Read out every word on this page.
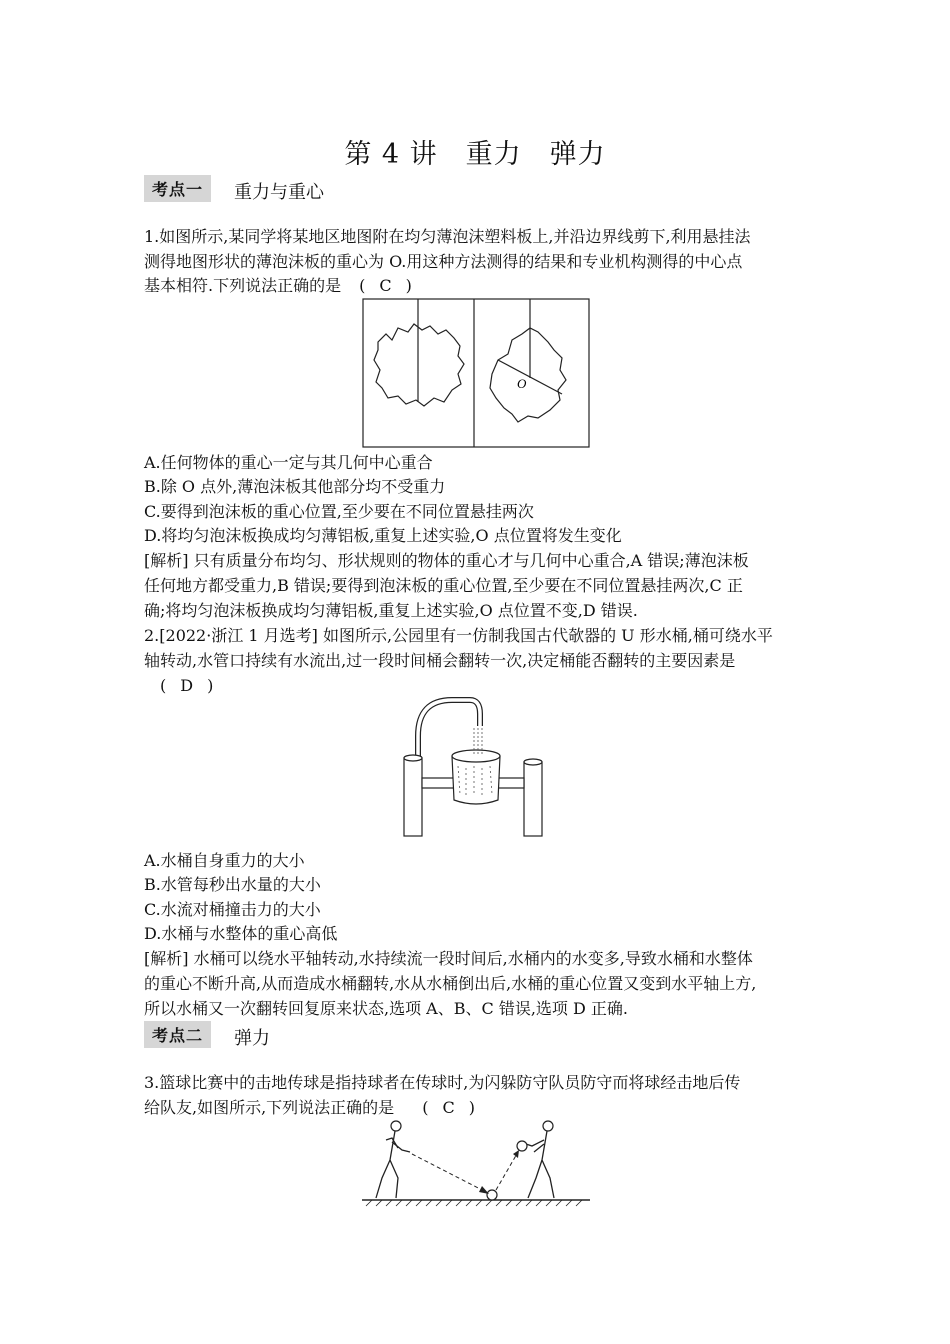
第 4 讲 重力 弹力
考点一	重力与重心
1.如图所示,某同学将某地区地图附在均匀薄泡沫塑料板上,并沿边界线剪下,利用悬挂法
测得地图形状的薄泡沫板的重心为 O.用这种方法测得的结果和专业机构测得的中心点
基本相符.下列说法正确的是 ( C )
O
A.任何物体的重心一定与其几何中心重合
B.除 O 点外,薄泡沫板其他部分均不受重力
C.要得到泡沫板的重心位置,至少要在不同位置悬挂两次
D.将均匀泡沫板换成均匀薄铝板,重复上述实验,O 点位置将发生变化
[解析] 只有质量分布均匀、形状规则的物体的重心才与几何中心重合,A 错误;薄泡沫板
任何地方都受重力,B 错误;要得到泡沫板的重心位置,至少要在不同位置悬挂两次,C 正
确;将均匀泡沫板换成均匀薄铝板,重复上述实验,O 点位置不变,D 错误.
2.[2022·浙江 1 月选考] 如图所示,公园里有一仿制我国古代欹器的 U 形水桶,桶可绕水平
轴转动,水管口持续有水流出,过一段时间桶会翻转一次,决定桶能否翻转的主要因素是
( D )
A.水桶自身重力的大小
B.水管每秒出水量的大小
C.水流对桶撞击力的大小
D.水桶与水整体的重心高低
[解析] 水桶可以绕水平轴转动,水持续流一段时间后,水桶内的水变多,导致水桶和水整体
的重心不断升高,从而造成水桶翻转,水从水桶倒出后,水桶的重心位置又变到水平轴上方,
所以水桶又一次翻转回复原来状态,选项 A、B、C 错误,选项 D 正确.
考点二	弹力
3.篮球比赛中的击地传球是指持球者在传球时,为闪躲防守队员防守而将球经击地后传
给队友,如图所示,下列说法正确的是 ( C )
